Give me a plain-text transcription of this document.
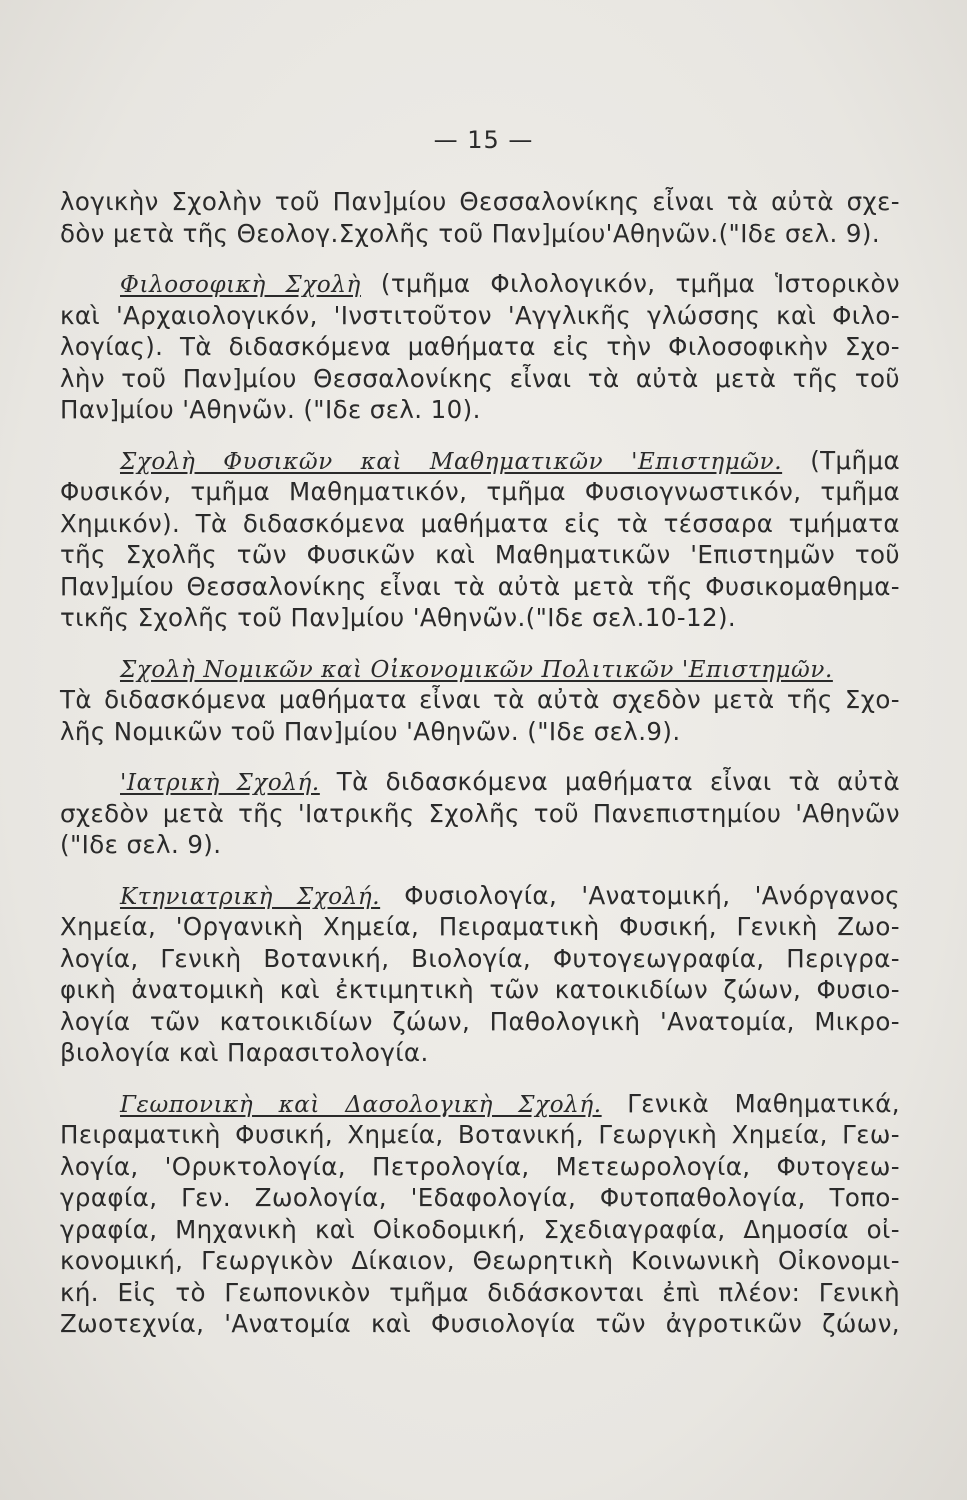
— 15 —
λογικὴν Σχολὴν τοῦ Παν]μίου Θεσσαλονίκης εἶναι τὰ αὐτὰ σχε-
δὸν μετὰ τῆς Θεολογ.Σχολῆς τοῦ Παν]μίου'Αθηνῶν.("Ιδε σελ. 9).
Φιλοσοφικὴ Σχολὴ (τμῆμα Φιλολογικόν, τμῆμα Ἱστορικὸν
καὶ 'Αρχαιολογικόν, 'Ινστιτοῦτον 'Αγγλικῆς γλώσσης καὶ Φιλο-
λογίας). Τὰ διδασκόμενα μαθήματα εἰς τὴν Φιλοσοφικὴν Σχο-
λὴν τοῦ Παν]μίου Θεσσαλονίκης εἶναι τὰ αὐτὰ μετὰ τῆς τοῦ
Παν]μίου 'Αθηνῶν. ("Ιδε σελ. 10).
Σχολὴ Φυσικῶν καὶ Μαθηματικῶν 'Επιστημῶν. (Τμῆμα
Φυσικόν, τμῆμα Μαθηματικόν, τμῆμα Φυσιογνωστικόν, τμῆμα
Χημικόν). Τὰ διδασκόμενα μαθήματα εἰς τὰ τέσσαρα τμήματα
τῆς Σχολῆς τῶν Φυσικῶν καὶ Μαθηματικῶν 'Επιστημῶν τοῦ
Παν]μίου Θεσσαλονίκης εἶναι τὰ αὐτὰ μετὰ τῆς Φυσικομαθημα-
τικῆς Σχολῆς τοῦ Παν]μίου 'Αθηνῶν.("Ιδε σελ.10-12).
Σχολὴ Νομικῶν καὶ Οἰκονομικῶν Πολιτικῶν 'Επιστημῶν.
Τὰ διδασκόμενα μαθήματα εἶναι τὰ αὐτὰ σχεδὸν μετὰ τῆς Σχο-
λῆς Νομικῶν τοῦ Παν]μίου 'Αθηνῶν. ("Ιδε σελ.9).
'Ιατρικὴ Σχολή. Τὰ διδασκόμενα μαθήματα εἶναι τὰ αὐτὰ
σχεδὸν μετὰ τῆς 'Ιατρικῆς Σχολῆς τοῦ Πανεπιστημίου 'Αθηνῶν
("Ιδε σελ. 9).
Κτηνιατρικὴ Σχολή. Φυσιολογία, 'Ανατομική, 'Ανόργανος
Χημεία, 'Οργανικὴ Χημεία, Πειραματικὴ Φυσική, Γενικὴ Ζωο-
λογία, Γενικὴ Βοτανική, Βιολογία, Φυτογεωγραφία, Περιγρα-
φικὴ ἀνατομικὴ καὶ ἐκτιμητικὴ τῶν κατοικιδίων ζώων, Φυσιο-
λογία τῶν κατοικιδίων ζώων, Παθολογικὴ 'Ανατομία, Μικρο-
βιολογία καὶ Παρασιτολογία.
Γεωπονικὴ καὶ Δασολογικὴ Σχολή. Γενικὰ Μαθηματικά,
Πειραματικὴ Φυσική, Χημεία, Βοτανική, Γεωργικὴ Χημεία, Γεω-
λογία, 'Ορυκτολογία, Πετρολογία, Μετεωρολογία, Φυτογεω-
γραφία, Γεν. Ζωολογία, 'Εδαφολογία, Φυτοπαθολογία, Τοπο-
γραφία, Μηχανικὴ καὶ Οἰκοδομική, Σχεδιαγραφία, Δημοσία οἰ-
κονομική, Γεωργικὸν Δίκαιον, Θεωρητικὴ Κοινωνικὴ Οἰκονομι-
κή. Εἰς τὸ Γεωπονικὸν τμῆμα διδάσκονται ἐπὶ πλέον: Γενικὴ
Ζωοτεχνία, 'Ανατομία καὶ Φυσιολογία τῶν ἀγροτικῶν ζώων,
